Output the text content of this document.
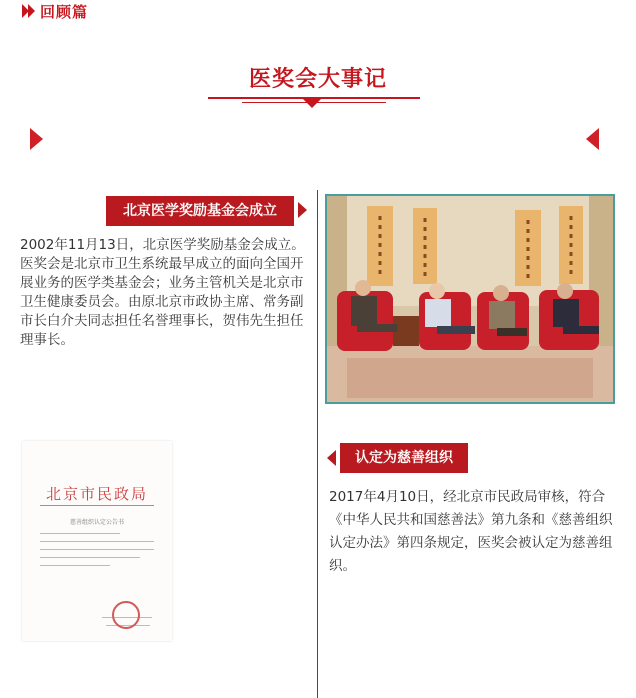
回顾篇
医奖会大事记
北京医学奖励基金会成立
2002年11月13日，北京医学奖励基金会成立。医奖会是北京市卫生系统最早成立的面向全国开展业务的医学类基金会；业务主管机关是北京市卫生健康委员会。由原北京市政协主席、常务副市长白介夫同志担任名誉理事长，贺伟先生担任理事长。
北京市民政局
慈善组织认定公告书
认定为慈善组织
2017年4月10日，经北京市民政局审核，符合《中华人民共和国慈善法》第九条和《慈善组织认定办法》第四条规定，医奖会被认定为慈善组织。
